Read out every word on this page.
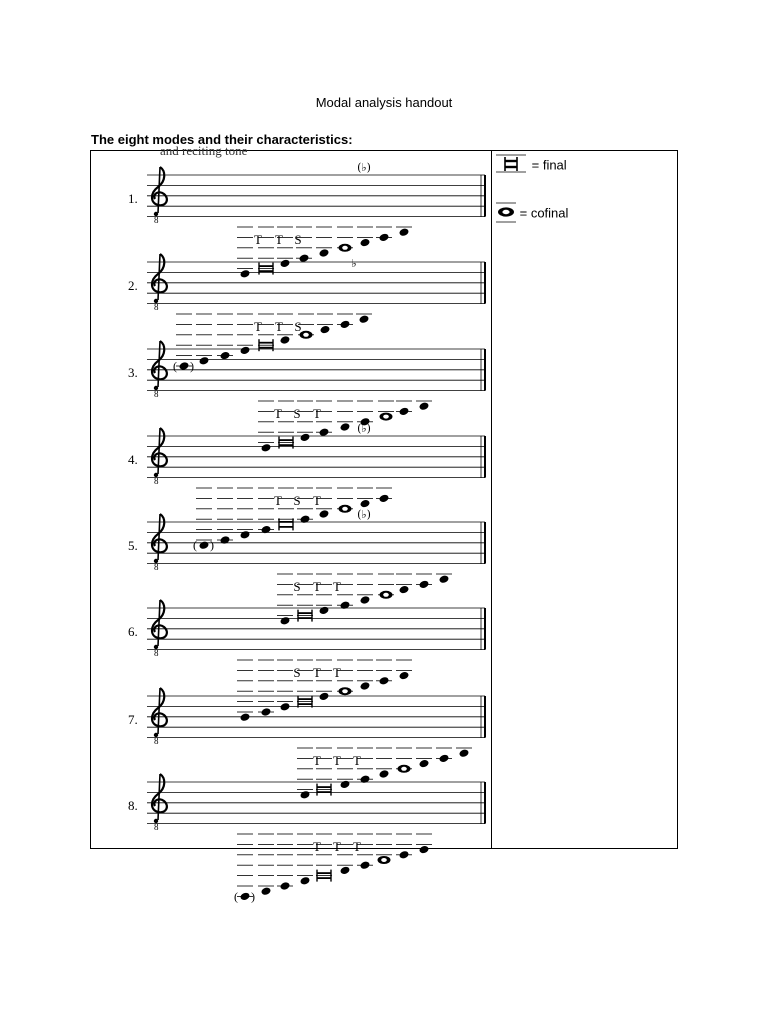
Modal analysis handout
The eight modes and their characteristics:
and reciting tone
1.
8
(♭)
T T S
2.
8
( )
♭
T T S
3.
8
T S T
4.
8
( )
(♭)
T S T
5.
8
(♭)
S T T
6.
8
S T T
7.
8
T T T
8.
8
( )
T T T
= final
= cofinal
